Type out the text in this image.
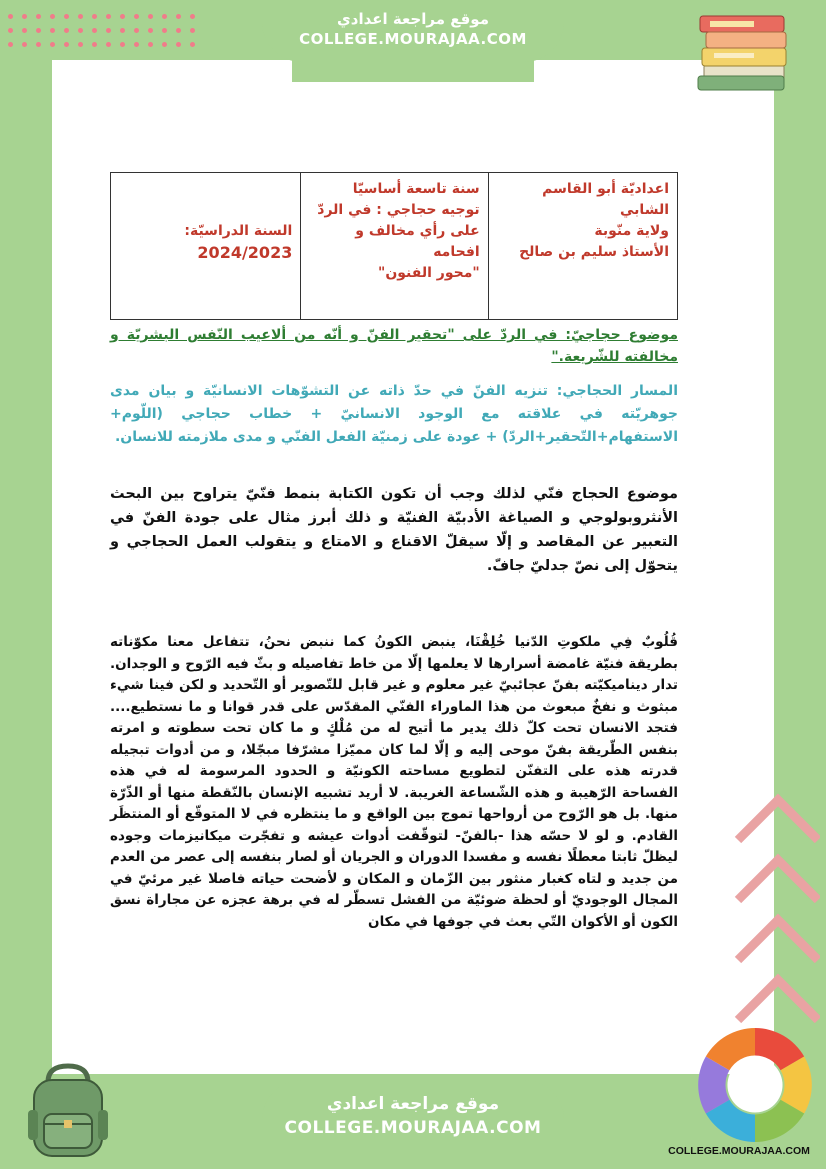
موقع مراجعة اعدادي
COLLEGE.MOURAJAA.COM
اعداديّة أبو القاسم الشابي
ولاية منّوبة
الأستاذ سليم بن صالح
سنة تاسعة أساسيّا
توجيه حجاجي : في الردّ
على رأي مخالف و افحامه
"محور الفنون"
السنة الدراسيّة:
2024/2023
موضوع حجاجيّ: في الردّ على "تحقير الفنّ و أنّه من ألاعيب النّفس البشريّة و مخالفته للشّريعة."
المسار الحجاجي: تنزيه الفنّ في حدّ ذاته عن التشوّهات الانسانيّة و بيان مدى جوهريّته في علاقته مع الوجود الانسانيّ + خطاب حجاجي (اللّوم+ الاستفهام+التّحقير+الردّ) + عودة على زمنيّة الفعل الفنّي و مدى ملازمته للانسان.
موضوع الحجاج فنّي لذلك وجب أن تكون الكتابة بنمط فنّيّ يتراوح بين البحث الأنثروبولوجي و الصياغة الأدبيّة الفنيّة و ذلك أبرز مثال على جودة الفنّ في التعبير عن المقاصد و إلّا سيقلّ الاقناع و الامتاع و يتقولب العمل الحجاجي و يتحوّل إلى نصّ جدليّ جافّ.
قُلُوبٌ فِي ملكوتِ الدّنيا خُلِقْنَا، ينبض الكونُ كما ننبض نحنُ، تتفاعل معنا مكوّناته بطريقة فنيّة غامضة أسرارها لا يعلمها إلّا من خاط تفاصيله و بثّ فيه الرّوح و الوجدان. تدار ديناميكيّته بفنّ عجائبيّ غير معلوم و غير قابل للتّصوير أو التّحديد و لكن فينا شيء مبثوث و نفخٌ مبعوث من هذا الماوراء الفنّي المقدّس على قدر قوانا و ما نستطيع.... فتجد الانسان تحت كلّ ذلك يدير ما أتيح له من مُلْكٍ و ما كان تحت سطوته و امرته بنفس الطّريقة بفنّ موحى إليه و إلّا لما كان مميّزا مشرّفا مبجّلا، و من أدوات تبجيله قدرته هذه على التفنّن لتطويع مساحته الكونيّة و الحدود المرسومة له في هذه الفساحة الرّهيبة و هذه الشّساعة الغريبة. لا أريد تشبيه الإنسان بالنّقطة منها أو الذّرّة منها. بل هو الرّوح من أرواحها تموج بين الواقع و ما ينتظره في لا المتوقّع أو المنتظَر القادم. و لو لا حسّه هذا -بالفنّ- لتوقّفت أدوات عيشه و تفجّرت ميكانيزمات وجوده ليظلّ ثابتا معطلًا نفسه و مفسدا الدوران و الجريان أو لصار بنفسه إلى عصر من العدم من جديد و لتاه كغبار منثور بين الزّمان و المكان و لأضحت حياته فاصلا غير مرئيّ في المجال الوجوديّ أو لحظة ضوئيّة من الفشل تسطّر له في برهة عجزه عن مجاراة نسق الكون أو الأكوان التّي بعث في جوفها في مكان
موقع مراجعة اعدادي
COLLEGE.MOURAJAA.COM
COLLEGE.MOURAJAA.COM
